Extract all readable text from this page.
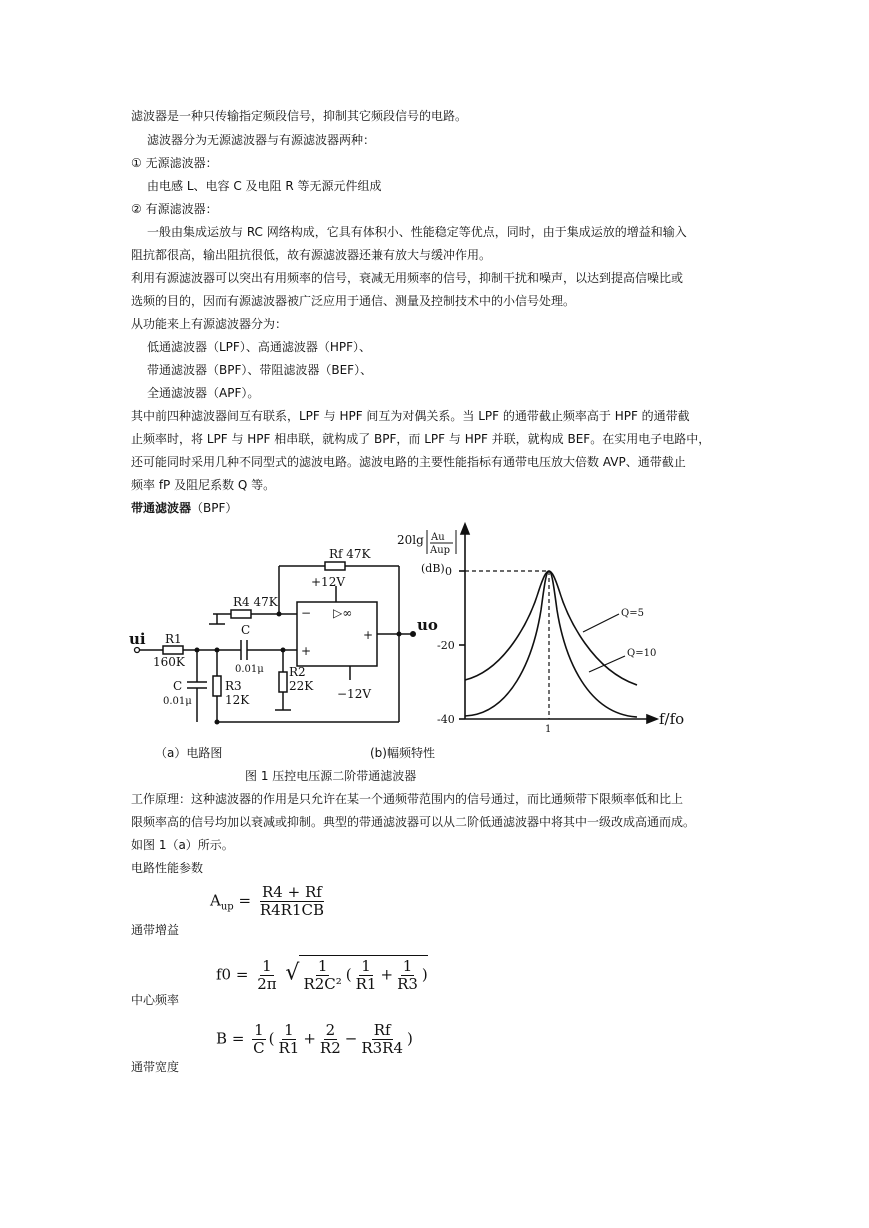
滤波器是一种只传输指定频段信号，抑制其它频段信号的电路。
滤波器分为无源滤波器与有源滤波器两种：
① 无源滤波器：
由电感 L、电容 C 及电阻 R 等无源元件组成
② 有源滤波器：
一般由集成运放与 RC 网络构成，它具有体积小、性能稳定等优点，同时，由于集成运放的增益和输入
阻抗都很高，输出阻抗很低，故有源滤波器还兼有放大与缓冲作用。
利用有源滤波器可以突出有用频率的信号，衰减无用频率的信号，抑制干扰和噪声，以达到提高信噪比或
选频的目的，因而有源滤波器被广泛应用于通信、测量及控制技术中的小信号处理。
从功能来上有源滤波器分为：
低通滤波器（LPF）、高通滤波器（HPF）、
带通滤波器（BPF）、带阻滤波器（BEF）、
全通滤波器（APF）。
其中前四种滤波器间互有联系，LPF 与 HPF 间互为对偶关系。当 LPF 的通带截止频率高于 HPF 的通带截
止频率时，将 LPF 与 HPF 相串联，就构成了 BPF，而 LPF 与 HPF 并联，就构成 BEF。在实用电子电路中，
还可能同时采用几种不同型式的滤波电路。滤波电路的主要性能指标有通带电压放大倍数 AVP、通带截止
频率 fP 及阻尼系数 Q 等。
带通滤波器（BPF）
Rf 47K
+12V
R4 47K
− ▷∞
+
+
ui
uo
R1
160K
C
0.01μ
C
0.01μ
R3
12K
R2
22K
−12V
20lg Au
Aup
(dB) 0
-20
-40
1
f/fo
Q=5
Q=10
（a）电路图	(b)幅频特性
图 1 压控电压源二阶带通滤波器
工作原理：这种滤波器的作用是只允许在某一个通频带范围内的信号通过，而比通频带下限频率低和比上
限频率高的信号均加以衰减或抑制。典型的带通滤波器可以从二阶低通滤波器中将其中一级改成高通而成。
如图 1（a）所示。
电路性能参数
通带增益
$A_{up} = \frac{R4 + Rf}{R4R1CB}$
中心频率
$f0 = \frac{1}{2\pi}$ √ $\frac{1}{\text{R2C²}}$ ( $\frac{1}{R1} + \frac{1}{R3}$ )
通带宽度
$B = \frac{1}{C}$ ( $\frac{1}{R1} + \frac{2}{R2} - \frac{Rf}{R3R4}$ )
